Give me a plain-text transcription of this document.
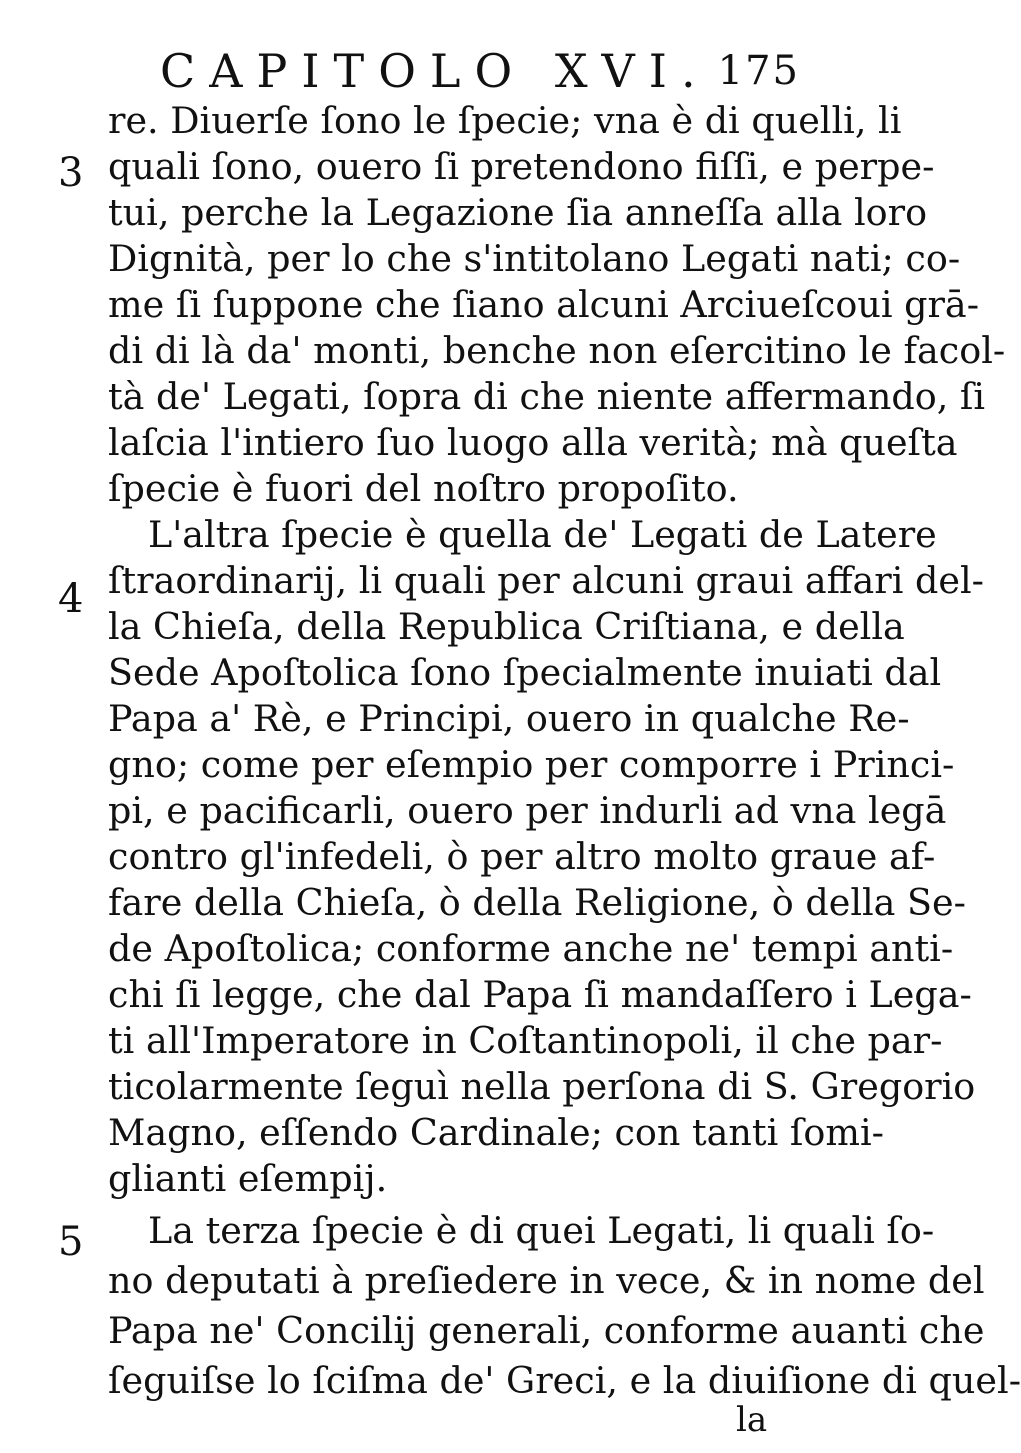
CAPITOLO XVI. 175
3
4
5
re. Diuerſe ſono le ſpecie; vna è di quelli, li
quali ſono, ouero ſi pretendono fiſſi, e perpe-
tui, perche la Legazione ſia anneſſa alla loro
Dignità, per lo che s'intitolano Legati nati; co-
me ſi ſuppone che ſiano alcuni Arciueſcoui grā-
di di là da' monti, benche non eſercitino le facol-
tà de' Legati, ſopra di che niente affermando, ſi
laſcia l'intiero ſuo luogo alla verità; mà queſta
ſpecie è fuori del noſtro propoſito.
L'altra ſpecie è quella de' Legati de Latere
ſtraordinarij, li quali per alcuni graui affari del-
la Chieſa, della Republica Criſtiana, e della
Sede Apoſtolica ſono ſpecialmente inuiati dal
Papa a' Rè, e Principi, ouero in qualche Re-
gno; come per eſempio per comporre i Princi-
pi, e pacificarli, ouero per indurli ad vna legā
contro gl'infedeli, ò per altro molto graue af-
fare della Chieſa, ò della Religione, ò della Se-
de Apoſtolica; conforme anche ne' tempi anti-
chi ſi legge, che dal Papa ſi mandaſſero i Lega-
ti all'Imperatore in Coſtantinopoli, il che par-
ticolarmente ſeguì nella perſona di S. Gregorio
Magno, eſſendo Cardinale; con tanti ſomi-
glianti eſempij.
La terza ſpecie è di quei Legati, li quali ſo-
no deputati à preſiedere in vece, & in nome del
Papa ne' Concilij generali, conforme auanti che
ſeguiſse lo ſciſma de' Greci, e la diuiſione di quel-
la
